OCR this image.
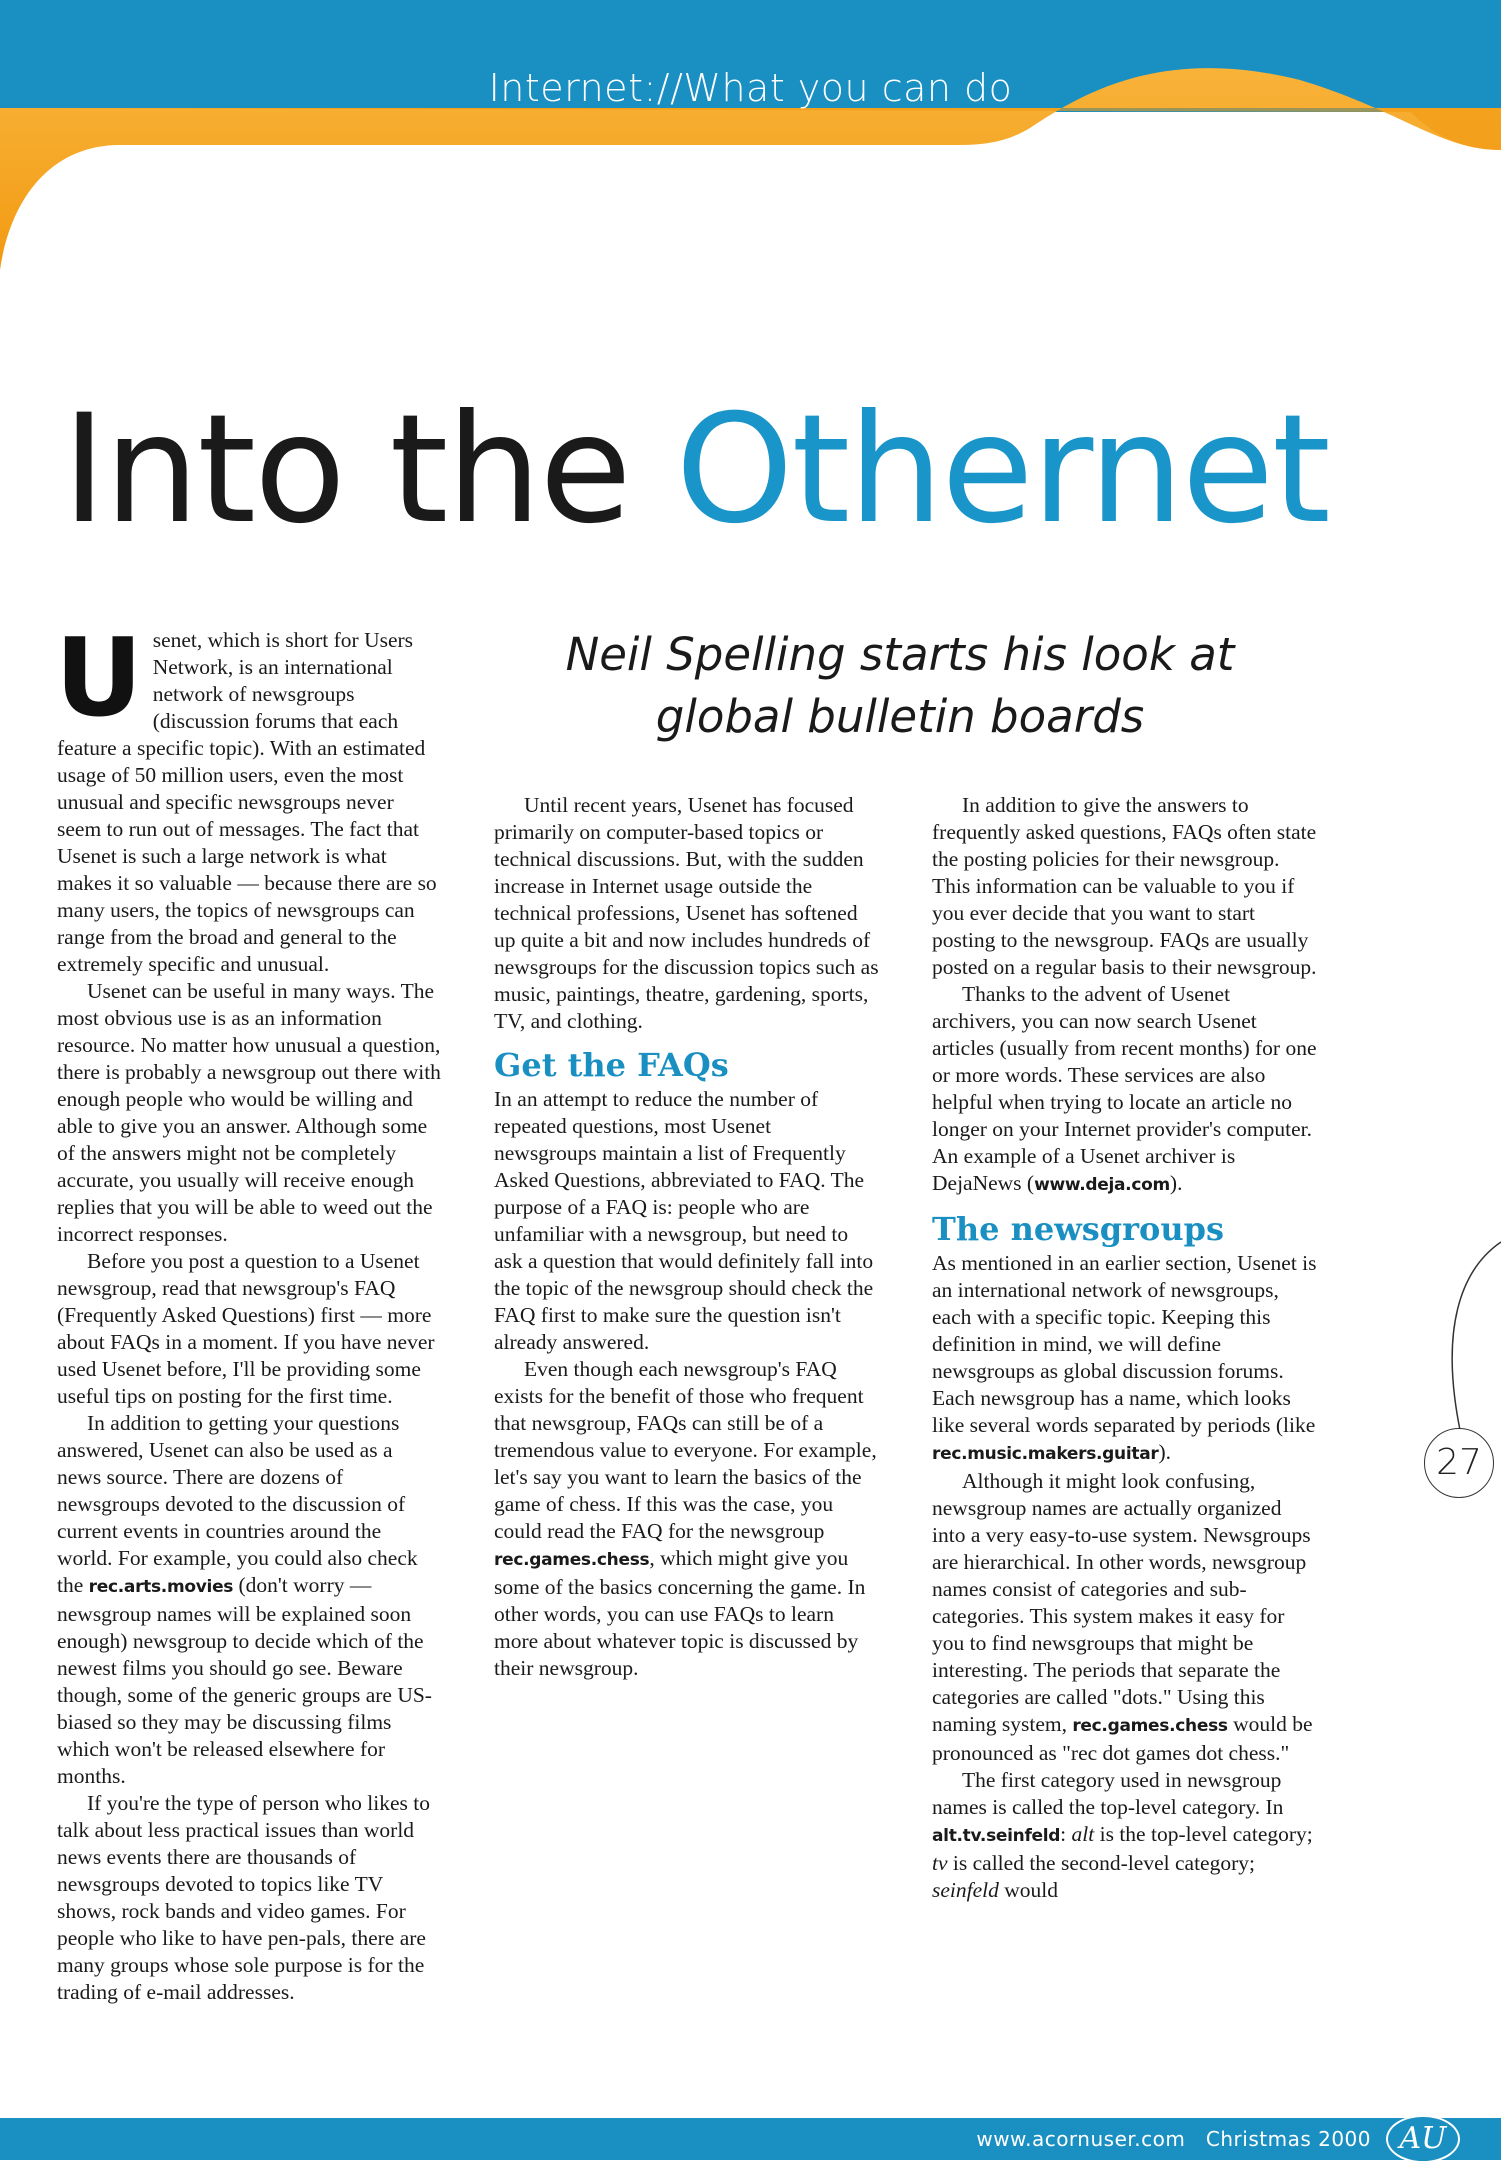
Internet://What you can do
Into the Othernet
Neil Spelling starts his look at global bulletin boards

Usenet, which is short for Users Network, is an international network of newsgroups (discussion forums that each feature a specific topic). With an estimated usage of 50 million users, even the most unusual and specific newsgroups never seem to run out of messages. The fact that Usenet is such a large network is what makes it so valuable — because there are so many users, the topics of newsgroups can range from the broad and general to the extremely specific and unusual.

Usenet can be useful in many ways. The most obvious use is as an information resource. No matter how unusual a question, there is probably a newsgroup out there with enough people who would be willing and able to give you an answer. Although some of the answers might not be completely accurate, you usually will receive enough replies that you will be able to weed out the incorrect responses.

Before you post a question to a Usenet newsgroup, read that newsgroup's FAQ (Frequently Asked Questions) first — more about FAQs in a moment. If you have never used Usenet before, I'll be providing some useful tips on posting for the first time.

In addition to getting your questions answered, Usenet can also be used as a news source. There are dozens of newsgroups devoted to the discussion of current events in countries around the world. For example, you could also check the rec.arts.movies (don't worry — newsgroup names will be explained soon enough) newsgroup to decide which of the newest films you should go see. Beware though, some of the generic groups are US-biased so they may be discussing films which won't be released elsewhere for months.

If you're the type of person who likes to talk about less practical issues than world news events there are thousands of newsgroups devoted to topics like TV shows, rock bands and video games. For people who like to have pen-pals, there are many groups whose sole purpose is for the trading of e-mail addresses.

Until recent years, Usenet has focused primarily on computer-based topics or technical discussions. But, with the sudden increase in Internet usage outside the technical professions, Usenet has softened up quite a bit and now includes hundreds of newsgroups for the discussion topics such as music, paintings, theatre, gardening, sports, TV, and clothing.

Get the FAQs

In an attempt to reduce the number of repeated questions, most Usenet newsgroups maintain a list of Frequently Asked Questions, abbreviated to FAQ. The purpose of a FAQ is: people who are unfamiliar with a newsgroup, but need to ask a question that would definitely fall into the topic of the newsgroup should check the FAQ first to make sure the question isn't already answered.

Even though each newsgroup's FAQ exists for the benefit of those who frequent that newsgroup, FAQs can still be of a tremendous value to everyone. For example, let's say you want to learn the basics of the game of chess. If this was the case, you could read the FAQ for the newsgroup rec.games.chess, which might give you some of the basics concerning the game. In other words, you can use FAQs to learn more about whatever topic is discussed by their newsgroup.

In addition to give the answers to frequently asked questions, FAQs often state the posting policies for their newsgroup. This information can be valuable to you if you ever decide that you want to start posting to the newsgroup. FAQs are usually posted on a regular basis to their newsgroup.

Thanks to the advent of Usenet archivers, you can now search Usenet articles (usually from recent months) for one or more words. These services are also helpful when trying to locate an article no longer on your Internet provider's computer. An example of a Usenet archiver is DejaNews (www.deja.com).

The newsgroups

As mentioned in an earlier section, Usenet is an international network of newsgroups, each with a specific topic. Keeping this definition in mind, we will define newsgroups as global discussion forums. Each newsgroup has a name, which looks like several words separated by periods (like rec.music.makers.guitar).

Although it might look confusing, newsgroup names are actually organized into a very easy-to-use system. Newsgroups are hierarchical. In other words, newsgroup names consist of categories and sub-categories. This system makes it easy for you to find newsgroups that might be interesting. The periods that separate the categories are called "dots." Using this naming system, rec.games.chess would be pronounced as "rec dot games dot chess."

The first category used in newsgroup names is called the top-level category. In alt.tv.seinfeld: alt is the top-level category; tv is called the second-level category; seinfeld would

27
www.acornuser.com   Christmas 2000 AU
